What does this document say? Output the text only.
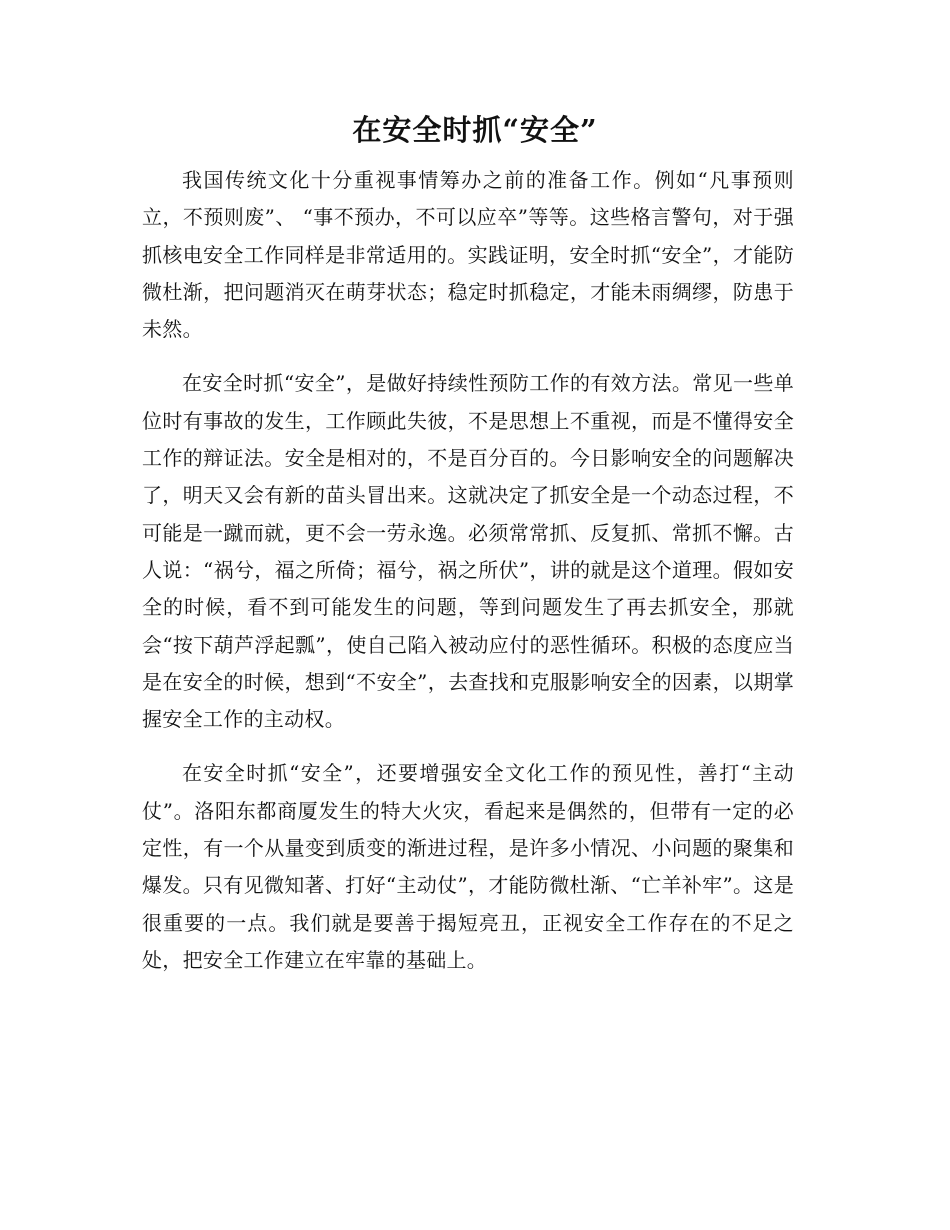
在安全时抓“安全”

我国传统文化十分重视事情筹办之前的准备工作。例如“凡事预则立，不预则废”、 “事不预办，不可以应卒”等等。这些格言警句，对于强抓核电安全工作同样是非常适用的。实践证明，安全时抓“安全”，才能防微杜渐，把问题消灭在萌芽状态；稳定时抓稳定，才能未雨绸缪，防患于未然。

在安全时抓“安全”，是做好持续性预防工作的有效方法。常见一些单位时有事故的发生，工作顾此失彼，不是思想上不重视，而是不懂得安全工作的辩证法。安全是相对的，不是百分百的。今日影响安全的问题解决了，明天又会有新的苗头冒出来。这就决定了抓安全是一个动态过程，不可能是一蹴而就，更不会一劳永逸。必须常常抓、反复抓、常抓不懈。古人说：“祸兮，福之所倚；福兮，祸之所伏”，讲的就是这个道理。假如安全的时候，看不到可能发生的问题，等到问题发生了再去抓安全，那就会“按下葫芦浮起瓢”，使自己陷入被动应付的恶性循环。积极的态度应当是在安全的时候，想到“不安全”，去查找和克服影响安全的因素，以期掌握安全工作的主动权。

在安全时抓“安全”，还要增强安全文化工作的预见性，善打“主动仗”。洛阳东都商厦发生的特大火灾，看起来是偶然的，但带有一定的必定性，有一个从量变到质变的渐进过程，是许多小情况、小问题的聚集和爆发。只有见微知著、打好“主动仗”，才能防微杜渐、“亡羊补牢”。这是很重要的一点。我们就是要善于揭短亮丑，正视安全工作存在的不足之处，把安全工作建立在牢靠的基础上。
